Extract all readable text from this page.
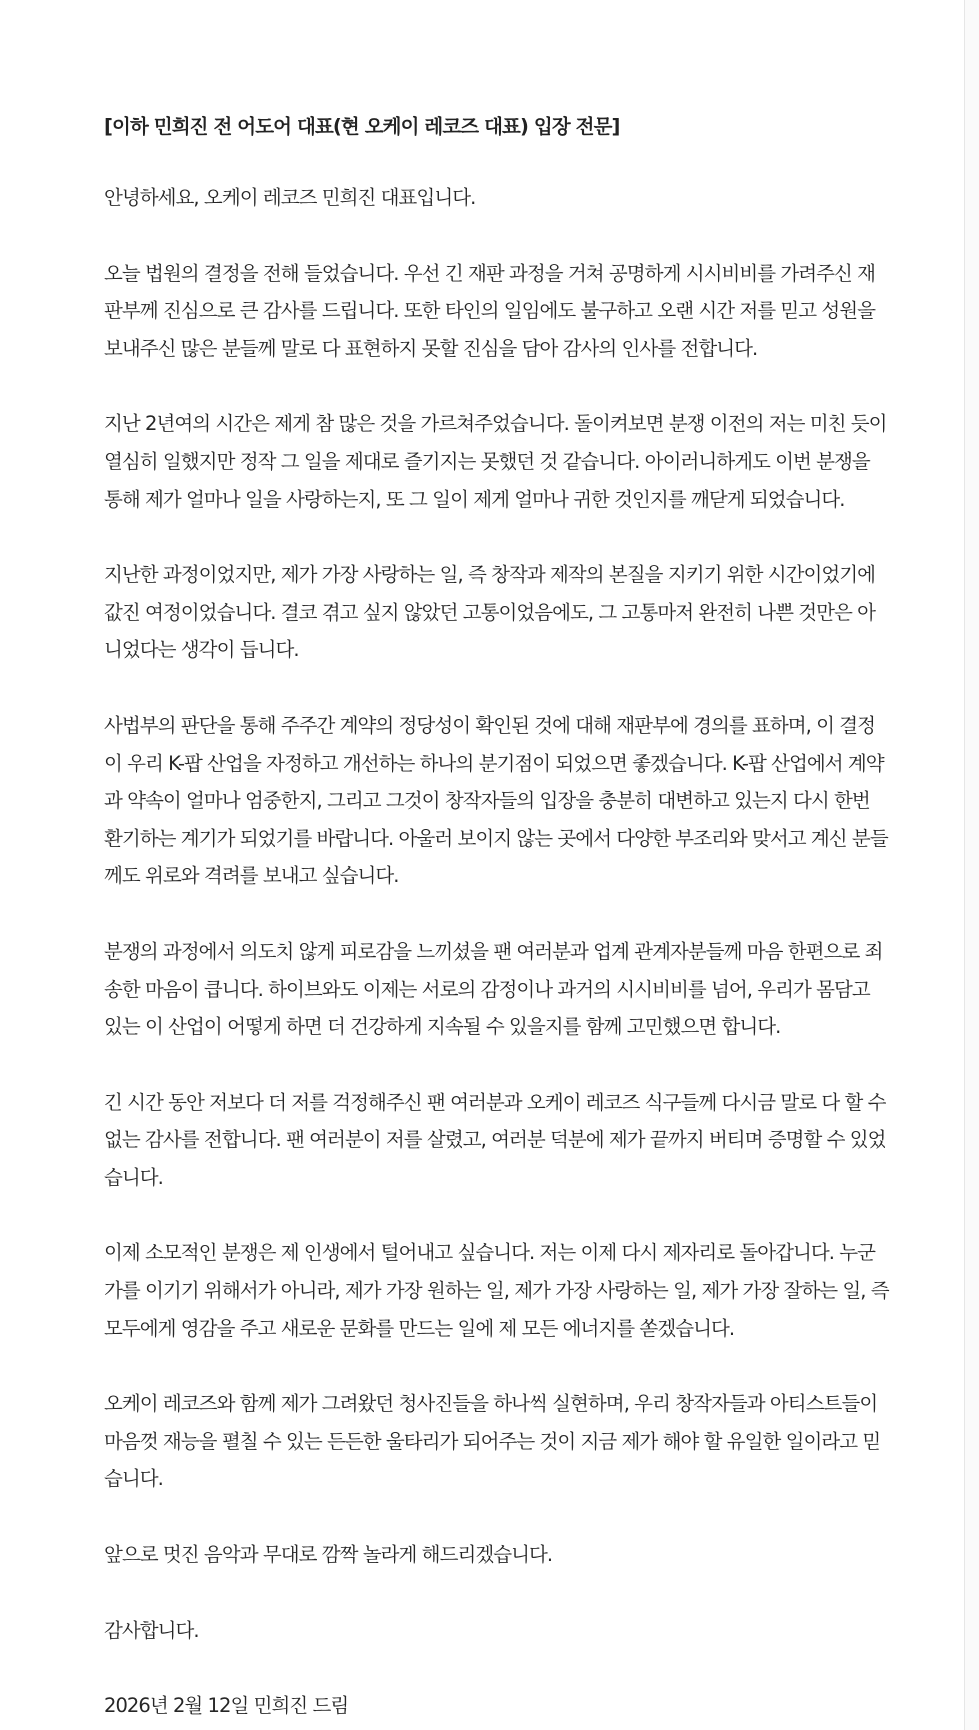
[이하 민희진 전 어도어 대표(현 오케이 레코즈 대표) 입장 전문]

안녕하세요, 오케이 레코즈 민희진 대표입니다.

오늘 법원의 결정을 전해 들었습니다. 우선 긴 재판 과정을 거쳐 공명하게 시시비비를 가려주신 재
판부께 진심으로 큰 감사를 드립니다. 또한 타인의 일임에도 불구하고 오랜 시간 저를 믿고 성원을
보내주신 많은 분들께 말로 다 표현하지 못할 진심을 담아 감사의 인사를 전합니다.

지난 2년여의 시간은 제게 참 많은 것을 가르쳐주었습니다. 돌이켜보면 분쟁 이전의 저는 미친 듯이
열심히 일했지만 정작 그 일을 제대로 즐기지는 못했던 것 같습니다. 아이러니하게도 이번 분쟁을
통해 제가 얼마나 일을 사랑하는지, 또 그 일이 제게 얼마나 귀한 것인지를 깨닫게 되었습니다.

지난한 과정이었지만, 제가 가장 사랑하는 일, 즉 창작과 제작의 본질을 지키기 위한 시간이었기에
값진 여정이었습니다. 결코 겪고 싶지 않았던 고통이었음에도, 그 고통마저 완전히 나쁜 것만은 아
니었다는 생각이 듭니다.

사법부의 판단을 통해 주주간 계약의 정당성이 확인된 것에 대해 재판부에 경의를 표하며, 이 결정
이 우리 K-팝 산업을 자정하고 개선하는 하나의 분기점이 되었으면 좋겠습니다. K-팝 산업에서 계약
과 약속이 얼마나 엄중한지, 그리고 그것이 창작자들의 입장을 충분히 대변하고 있는지 다시 한번
환기하는 계기가 되었기를 바랍니다. 아울러 보이지 않는 곳에서 다양한 부조리와 맞서고 계신 분들
께도 위로와 격려를 보내고 싶습니다.

분쟁의 과정에서 의도치 않게 피로감을 느끼셨을 팬 여러분과 업계 관계자분들께 마음 한편으로 죄
송한 마음이 큽니다. 하이브와도 이제는 서로의 감정이나 과거의 시시비비를 넘어, 우리가 몸담고
있는 이 산업이 어떻게 하면 더 건강하게 지속될 수 있을지를 함께 고민했으면 합니다.

긴 시간 동안 저보다 더 저를 걱정해주신 팬 여러분과 오케이 레코즈 식구들께 다시금 말로 다 할 수
없는 감사를 전합니다. 팬 여러분이 저를 살렸고, 여러분 덕분에 제가 끝까지 버티며 증명할 수 있었
습니다.

이제 소모적인 분쟁은 제 인생에서 털어내고 싶습니다. 저는 이제 다시 제자리로 돌아갑니다. 누군
가를 이기기 위해서가 아니라, 제가 가장 원하는 일, 제가 가장 사랑하는 일, 제가 가장 잘하는 일, 즉
모두에게 영감을 주고 새로운 문화를 만드는 일에 제 모든 에너지를 쏟겠습니다.

오케이 레코즈와 함께 제가 그려왔던 청사진들을 하나씩 실현하며, 우리 창작자들과 아티스트들이
마음껏 재능을 펼칠 수 있는 든든한 울타리가 되어주는 것이 지금 제가 해야 할 유일한 일이라고 믿
습니다.

앞으로 멋진 음악과 무대로 깜짝 놀라게 해드리겠습니다.

감사합니다.

2026년 2월 12일 민희진 드림
